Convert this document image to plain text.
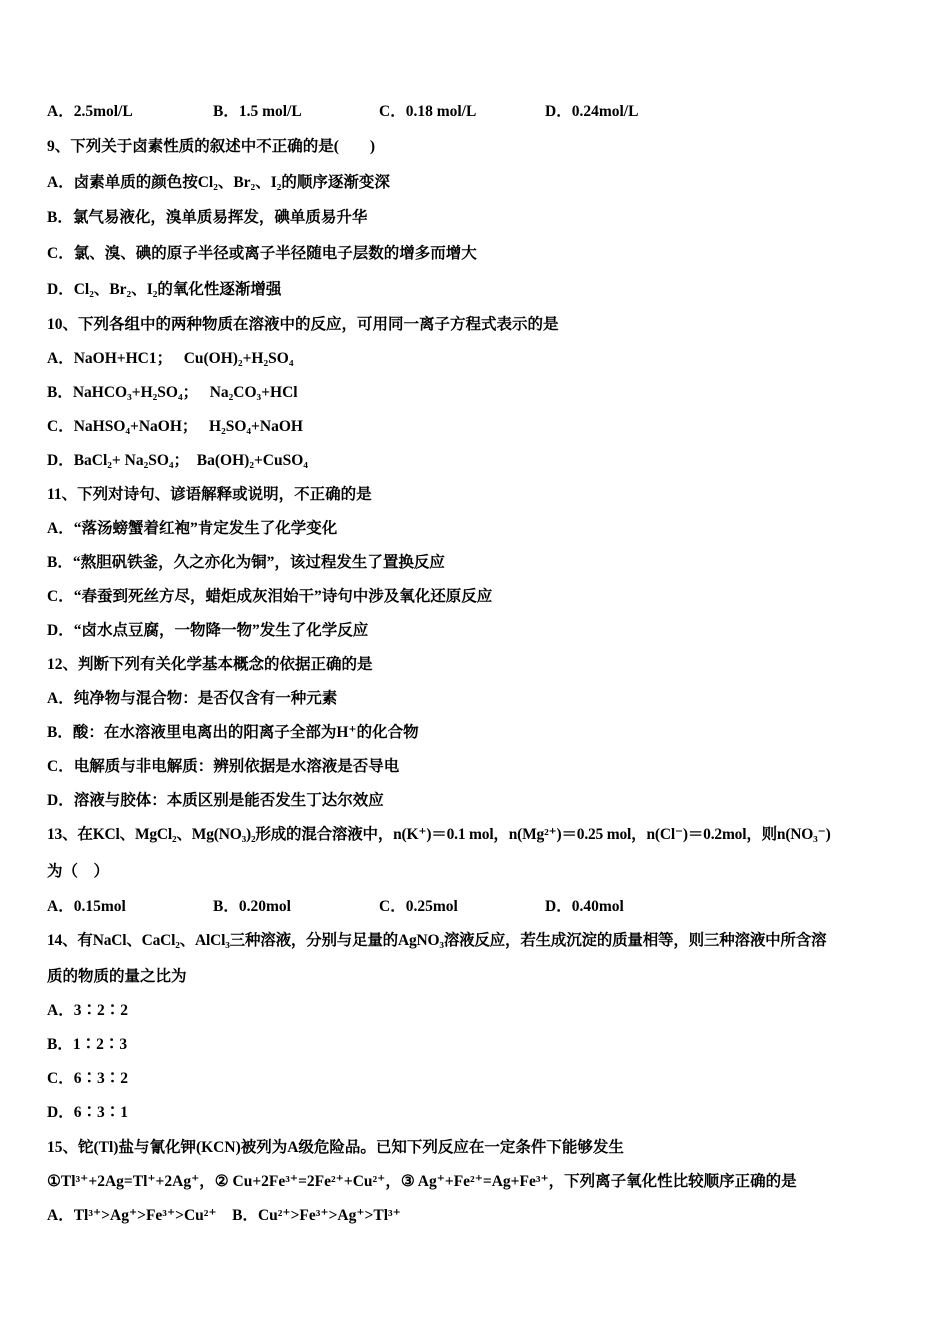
A．2.5mol/L	B．1.5 mol/L	C．0.18 mol/L	D．0.24mol/L
9、下列关于卤素性质的叙述中不正确的是(　　)
A．卤素单质的颜色按Cl₂、Br₂、I₂的顺序逐渐变深
B．氯气易液化，溴单质易挥发，碘单质易升华
C．氯、溴、碘的原子半径或离子半径随电子层数的增多而增大
D．Cl₂、Br₂、I₂的氧化性逐渐增强
10、下列各组中的两种物质在溶液中的反应，可用同一离子方程式表示的是
A．NaOH+HC1；　 Cu(OH)₂+H₂SO₄
B．NaHCO₃+H₂SO₄；　 Na₂CO₃+HCl
C．NaHSO₄+NaOH；　 H₂SO₄+NaOH
D．BaCl₂+ Na₂SO₄；　Ba(OH)₂+CuSO₄
11、下列对诗句、谚语解释或说明，不正确的是
A．“落汤螃蟹着红袍”肯定发生了化学变化
B．“熬胆矾铁釜，久之亦化为铜”，该过程发生了置换反应
C．“春蚕到死丝方尽，蜡炬成灰泪始干”诗句中涉及氧化还原反应
D．“卤水点豆腐，一物降一物”发生了化学反应
12、判断下列有关化学基本概念的依据正确的是
A．纯净物与混合物：是否仅含有一种元素
B．酸：在水溶液里电离出的阳离子全部为H⁺的化合物
C．电解质与非电解质：辨别依据是水溶液是否导电
D．溶液与胶体：本质区别是能否发生丁达尔效应
13、在KCl、MgCl₂、Mg(NO₃)₂形成的混合溶液中，n(K⁺)＝0.1 mol，n(Mg²⁺)＝0.25 mol，n(Cl⁻)＝0.2mol，则n(NO₃⁻)
为（　）
A．0.15mol	B．0.20mol	C．0.25mol	D．0.40mol
14、有NaCl、CaCl₂、AlCl₃三种溶液，分别与足量的AgNO₃溶液反应，若生成沉淀的质量相等，则三种溶液中所含溶
质的物质的量之比为
A．3∶2∶2
B．1∶2∶3
C．6∶3∶2
D．6∶3∶1
15、铊(Tl)盐与氰化钾(KCN)被列为A级危险品。已知下列反应在一定条件下能够发生
①Tl³⁺+2Ag=Tl⁺+2Ag⁺，② Cu+2Fe³⁺=2Fe²⁺+Cu²⁺，③ Ag⁺+Fe²⁺=Ag+Fe³⁺，下列离子氧化性比较顺序正确的是
A．Tl³⁺>Ag⁺>Fe³⁺>Cu²⁺　B．Cu²⁺>Fe³⁺>Ag⁺>Tl³⁺
